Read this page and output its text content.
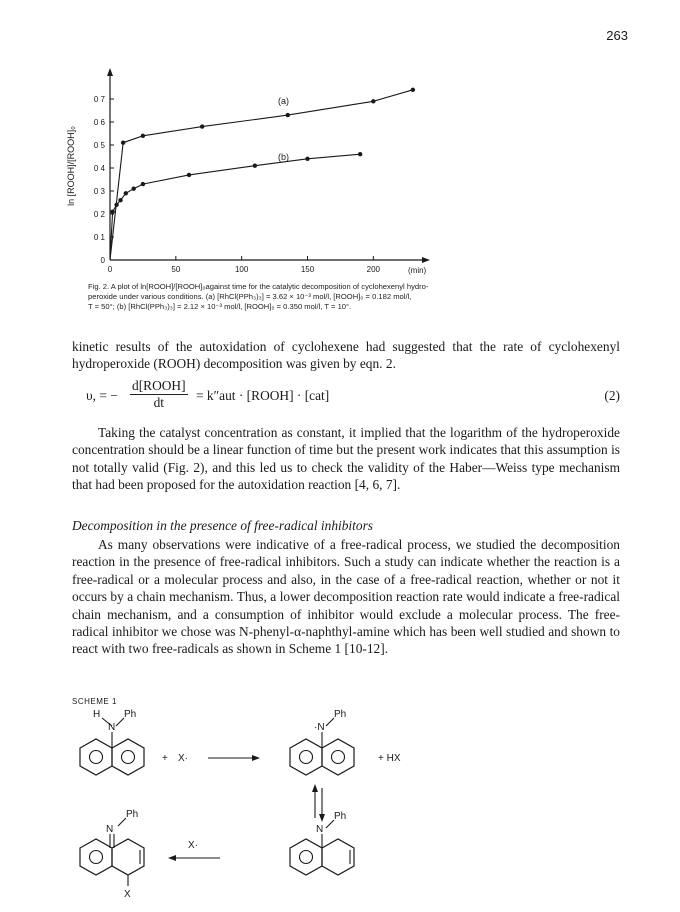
263
0
0 1
0 2
0 3
0 4
0 5
0 6
0 7
0	50	100	150	200
ln [ROOH]/[ROOH]₀
(min)
(a)
(b)
Fig. 2. A plot of ln[ROOH]/[ROOH]₀against time for the catalytic decomposition of cyclohexenyl hydro-
peroxide under various conditions. (a) [RhCl(PPh₃)₃] = 3.62 × 10⁻³ mol/l, [ROOH]₀ = 0.182 mol/l,
T = 50°; (b) [RhCl(PPh₃)₃] = 2.12 × 10⁻³ mol/l, [ROOH]₀ = 0.350 mol/l, T = 10°.
kinetic results of the autoxidation of cyclohexene had suggested that the rate of cyclohexenyl hydroperoxide (ROOH) decomposition was given by eqn. 2.
υ, = −
d[ROOH]
dt	= k″aut · [ROOH] · [cat]	(2)
Taking the catalyst concentration as constant, it implied that the logarithm of the hydroperoxide concentration should be a linear function of time but the present work indicates that this assumption is not totally valid (Fig. 2), and this led us to check the validity of the Haber—Weiss type mechanism that had been proposed for the autoxidation reaction [4, 6, 7].
Decomposition in the presence of free-radical inhibitors
As many observations were indicative of a free-radical process, we studied the decomposition reaction in the presence of free-radical inhibitors. Such a study can indicate whether the reaction is a free-radical or a molecular process and also, in the case of a free-radical reaction, whether or not it occurs by a chain mechanism. Thus, a lower decomposition reaction rate would indicate a free-radical chain mechanism, and a consumption of inhibitor would exclude a molecular process. The free-radical inhibitor we chose was N-phenyl-α-naphthyl-amine which has been well studied and shown to react with two free-radicals as shown in Scheme 1 [10-12].
SCHEME 1
N
H Ph
+ X·
·N
Ph
+ HX
N
Ph
X·
N
Ph
X
